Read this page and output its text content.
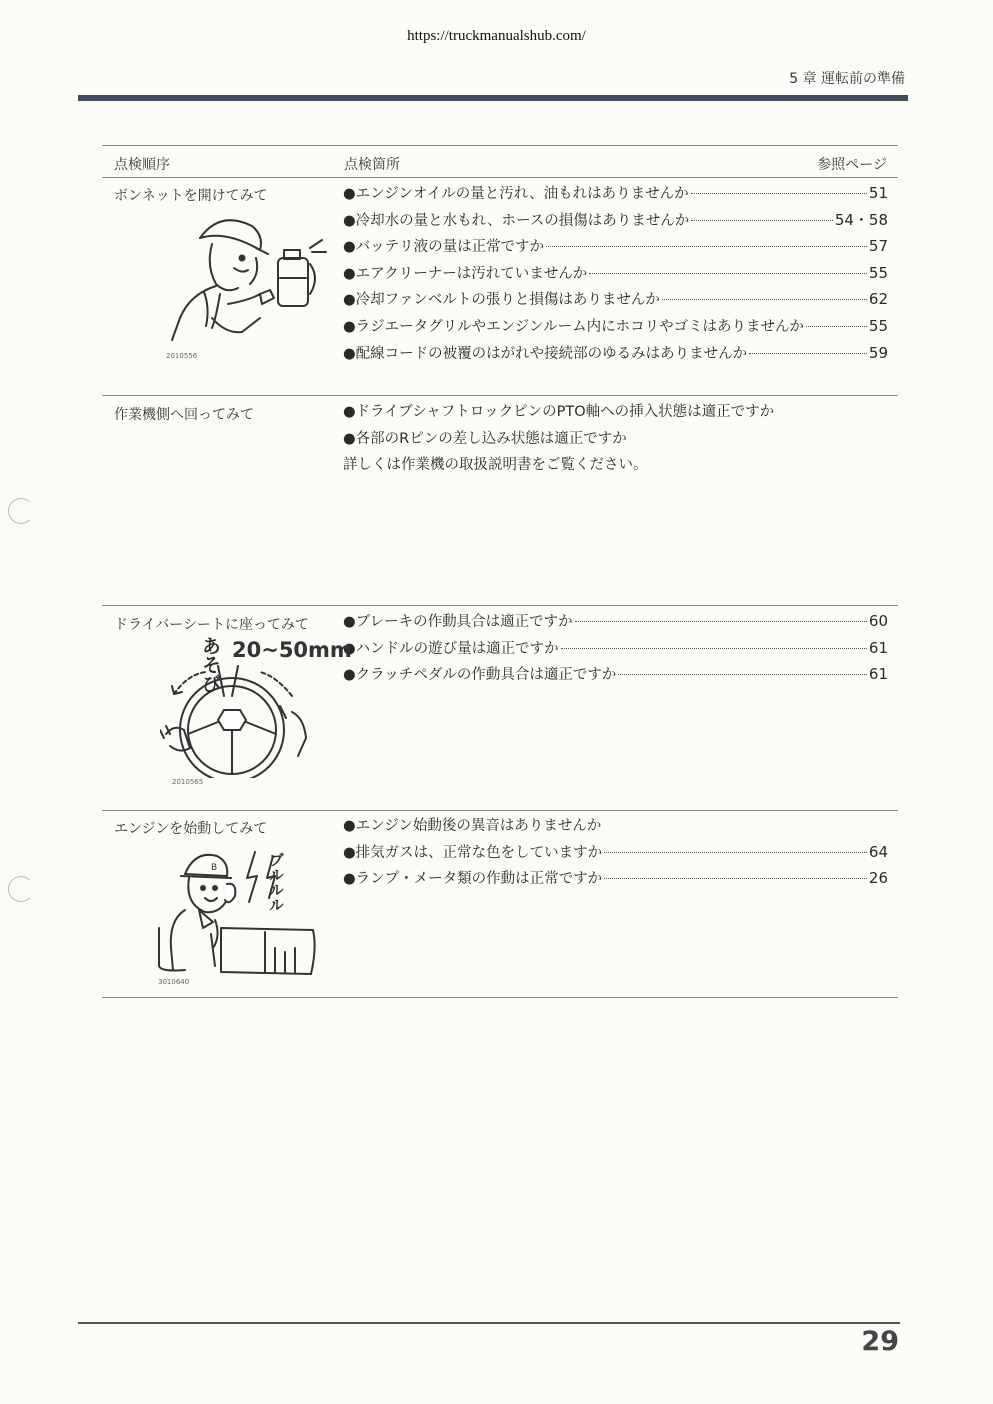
https://truckmanualshub.com/
5 章 運転前の準備
点検順序	点検箇所	参照ページ
ボンネットを開けてみて	●エンジンオイルの量と汚れ、油もれはありませんか	51
●冷却水の量と水もれ、ホースの損傷はありませんか	54・58
●バッテリ液の量は正常ですか	57
●エアクリーナーは汚れていませんか	55
●冷却ファンベルトの張りと損傷はありませんか	62
●ラジエータグリルやエンジンルーム内にホコリやゴミはありませんか	55
●配線コードの被覆のはがれや接続部のゆるみはありませんか	59
2010556
作業機側へ回ってみて	●ドライブシャフトロックピンのPTO軸への挿入状態は適正ですか
●各部のRピンの差し込み状態は適正ですか
詳しくは作業機の取扱説明書をご覧ください。
ドライバーシートに座ってみて ●ブレーキの作動具合は適正ですか	60
●ハンドルの遊び量は適正ですか	61
●クラッチペダルの作動具合は適正ですか	61
あそび 20~50mm
2010565
エンジンを始動してみて	●エンジン始動後の異音はありませんか
●排気ガスは、正常な色をしていますか	64
●ランプ・メータ類の作動は正常ですか	26
B	ブルルル
3010640
29
